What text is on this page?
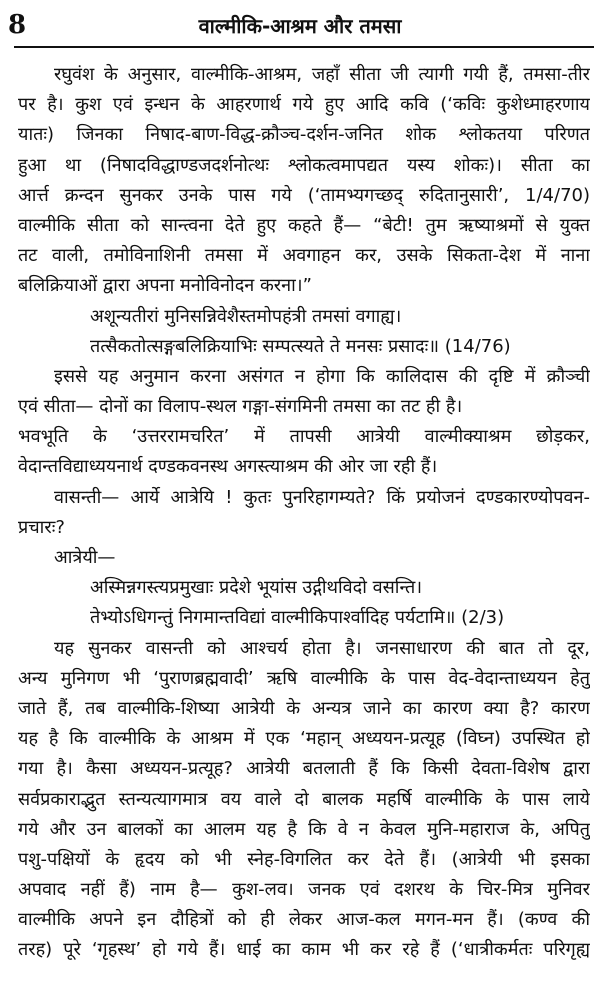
8	वाल्मीकि-आश्रम और तमसा
रघुवंश के अनुसार, वाल्मीकि-आश्रम, जहाँ सीता जी त्यागी गयी हैं, तमसा-तीर
पर है। कुश एवं इन्धन के आहरणार्थ गये हुए आदि कवि (‘कविः कुशेध्माहरणाय
यातः) जिनका निषाद-बाण-विद्ध-क्रौञ्च-दर्शन-जनित शोक श्लोकतया परिणत
हुआ था (निषादविद्धाण्डजदर्शनोत्थः श्लोकत्वमापद्यत यस्य शोकः)। सीता का
आर्त्त क्रन्दन सुनकर उनके पास गये (‘तामभ्यगच्छद् रुदितानुसारी’, 1/4/70)
वाल्मीकि सीता को सान्त्वना देते हुए कहते हैं— “बेटी! तुम ऋष्याश्रमों से युक्त
तट वाली, तमोविनाशिनी तमसा में अवगाहन कर, उसके सिकता-देश में नाना
बलिक्रियाओं द्वारा अपना मनोविनोदन करना।”
अशून्यतीरां मुनिसन्निवेशैस्तमोपहंत्री तमसां वगाह्य।
तत्सैकतोत्सङ्गबलिक्रियाभिः सम्पत्स्यते ते मनसः प्रसादः॥ (14/76)
इससे यह अनुमान करना असंगत न होगा कि कालिदास की दृष्टि में क्रौञ्ची
एवं सीता— दोनों का विलाप-स्थल गङ्गा-संगमिनी तमसा का तट ही है।
भवभूति के ‘उत्तररामचरित’ में तापसी आत्रेयी वाल्मीक्याश्रम छोड़कर,
वेदान्तविद्याध्ययनार्थ दण्डकवनस्थ अगस्त्याश्रम की ओर जा रही हैं।
वासन्ती— आर्ये आत्रेयि ! कुतः पुनरिहागम्यते? किं प्रयोजनं दण्डकारण्योपवन-
प्रचारः?
आत्रेयी—
अस्मिन्नगस्त्यप्रमुखाः प्रदेशे भूयांस उद्गीथविदो वसन्ति।
तेभ्योऽधिगन्तुं निगमान्तविद्यां वाल्मीकिपार्श्वादिह पर्यटामि॥ (2/3)
यह सुनकर वासन्ती को आश्चर्य होता है। जनसाधारण की बात तो दूर,
अन्य मुनिगण भी ‘पुराणब्रह्मवादी’ ऋषि वाल्मीकि के पास वेद-वेदान्ताध्ययन हेतु
जाते हैं, तब वाल्मीकि-शिष्या आत्रेयी के अन्यत्र जाने का कारण क्या है? कारण
यह है कि वाल्मीकि के आश्रम में एक ‘महान् अध्ययन-प्रत्यूह (विघ्न) उपस्थित हो
गया है। कैसा अध्ययन-प्रत्यूह? आत्रेयी बतलाती हैं कि किसी देवता-विशेष द्वारा
सर्वप्रकाराद्भुत स्तन्यत्यागमात्र वय वाले दो बालक महर्षि वाल्मीकि के पास लाये
गये और उन बालकों का आलम यह है कि वे न केवल मुनि-महाराज के, अपितु
पशु-पक्षियों के हृदय को भी स्नेह-विगलित कर देते हैं। (आत्रेयी भी इसका
अपवाद नहीं हैं) नाम है— कुश-लव। जनक एवं दशरथ के चिर-मित्र मुनिवर
वाल्मीकि अपने इन दौहित्रों को ही लेकर आज-कल मगन-मन हैं। (कण्व की
तरह) पूरे ‘गृहस्थ’ हो गये हैं। धाई का काम भी कर रहे हैं (‘धात्रीकर्मतः परिगृह्य
